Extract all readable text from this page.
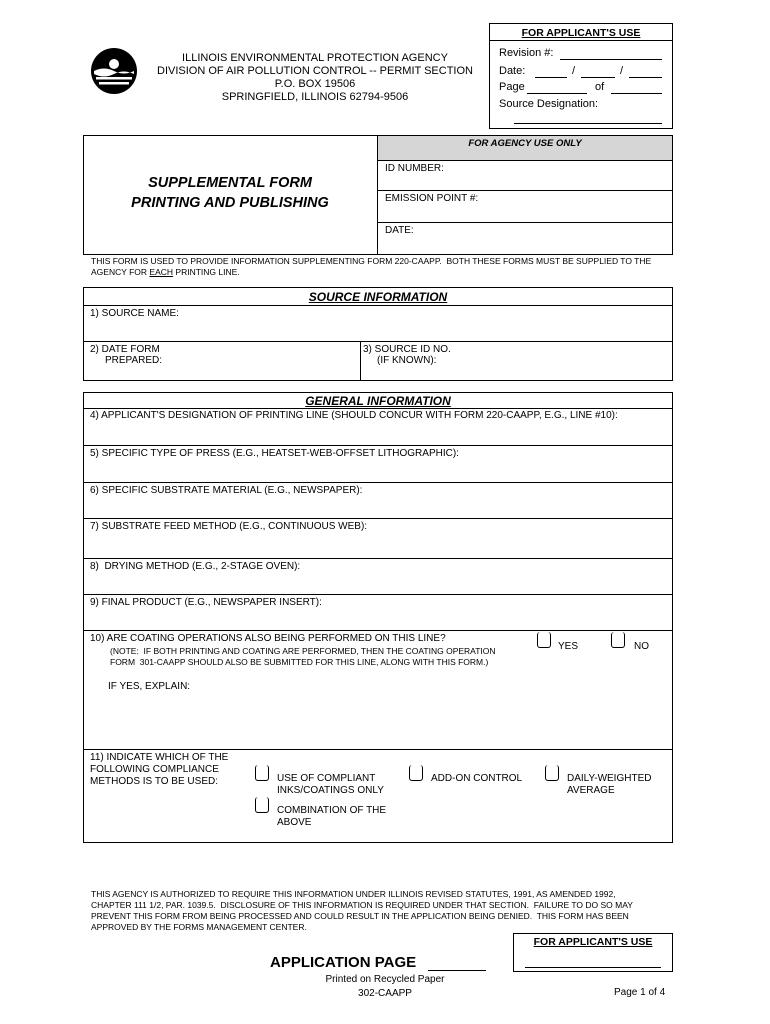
ILLINOIS ENVIRONMENTAL PROTECTION AGENCY
DIVISION OF AIR POLLUTION CONTROL -- PERMIT SECTION
P.O. BOX 19506
SPRINGFIELD, ILLINOIS 62794-9506
FOR APPLICANT'S USE
Revision #:
Date:	/	/
Page	of
Source Designation:
FOR AGENCY USE ONLY
ID NUMBER:
EMISSION POINT #:
DATE:
SUPPLEMENTAL FORM
PRINTING AND PUBLISHING
THIS FORM IS USED TO PROVIDE INFORMATION SUPPLEMENTING FORM 220-CAAPP.  BOTH THESE FORMS MUST BE SUPPLIED TO THE
AGENCY FOR EACH PRINTING LINE.
SOURCE INFORMATION
1) SOURCE NAME:
2) DATE FORM
PREPARED:
3) SOURCE ID NO.
(IF KNOWN):
GENERAL INFORMATION
4) APPLICANT'S DESIGNATION OF PRINTING LINE (SHOULD CONCUR WITH FORM 220-CAAPP, E.G., LINE #10):
5) SPECIFIC TYPE OF PRESS (E.G., HEATSET-WEB-OFFSET LITHOGRAPHIC):
6) SPECIFIC SUBSTRATE MATERIAL (E.G., NEWSPAPER):
7) SUBSTRATE FEED METHOD (E.G., CONTINUOUS WEB):
8)  DRYING METHOD (E.G., 2-STAGE OVEN):
9) FINAL PRODUCT (E.G., NEWSPAPER INSERT):
10) ARE COATING OPERATIONS ALSO BEING PERFORMED ON THIS LINE?
(NOTE:  IF BOTH PRINTING AND COATING ARE PERFORMED, THEN THE COATING OPERATION
FORM  301-CAAPP SHOULD ALSO BE SUBMITTED FOR THIS LINE, ALONG WITH THIS FORM.)
YES	NO
IF YES, EXPLAIN:
11) INDICATE WHICH OF THE
FOLLOWING COMPLIANCE
METHODS IS TO BE USED:	USE OF COMPLIANT
INKS/COATINGS ONLY
ADD-ON CONTROL	DAILY-WEIGHTED
AVERAGE
COMBINATION OF THE
ABOVE
THIS AGENCY IS AUTHORIZED TO REQUIRE THIS INFORMATION UNDER ILLINOIS REVISED STATUTES, 1991, AS AMENDED 1992,
CHAPTER 111 1/2, PAR. 1039.5.  DISCLOSURE OF THIS INFORMATION IS REQUIRED UNDER THAT SECTION.  FAILURE TO DO SO MAY
PREVENT THIS FORM FROM BEING PROCESSED AND COULD RESULT IN THE APPLICATION BEING DENIED.  THIS FORM HAS BEEN
APPROVED BY THE FORMS MANAGEMENT CENTER.
FOR APPLICANT'S USE
APPLICATION PAGE
Printed on Recycled Paper
302-CAAPP	Page 1 of 4
